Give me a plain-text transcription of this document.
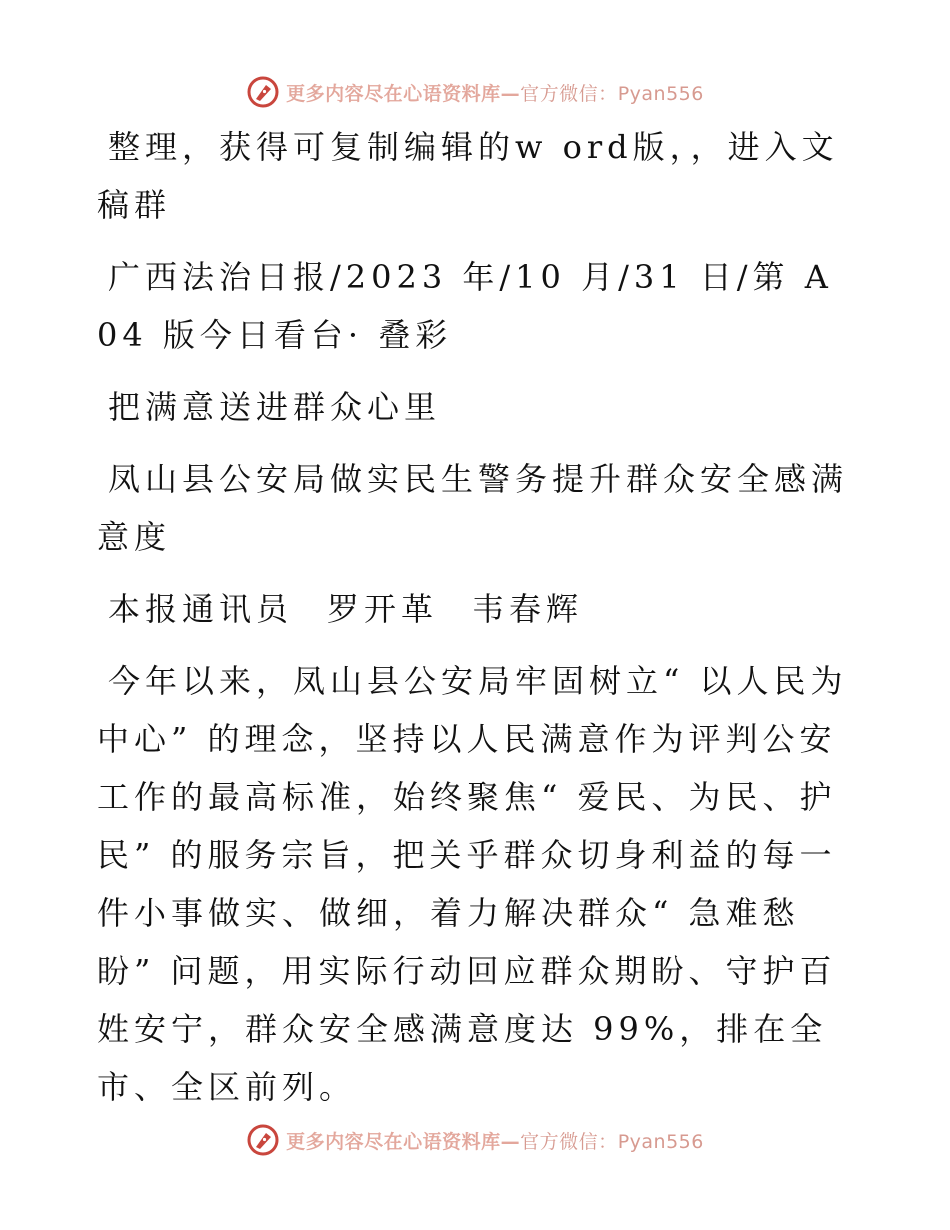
更多内容尽在心语资料库—官方微信：Pyan556

整理，获得可复制编辑的w ord版，，进入文稿群

广西法治日报/2023 年/10 月/31 日/第 A04 版今日看台· 叠彩

把满意送进群众心里

凤山县公安局做实民生警务提升群众安全感满意度

本报通讯员 罗开革 韦春辉

今年以来，凤山县公安局牢固树立“ 以人民为中心” 的理念，坚持以人民满意作为评判公安工作的最高标准，始终聚焦“ 爱民、为民、护民” 的服务宗旨，把关乎群众切身利益的每一件小事做实、做细，着力解决群众“ 急难愁盼” 问题，用实际行动回应群众期盼、守护百姓安宁，群众安全感满意度达 99%，排在全市、全区前列。

更多内容尽在心语资料库—官方微信：Pyan556
